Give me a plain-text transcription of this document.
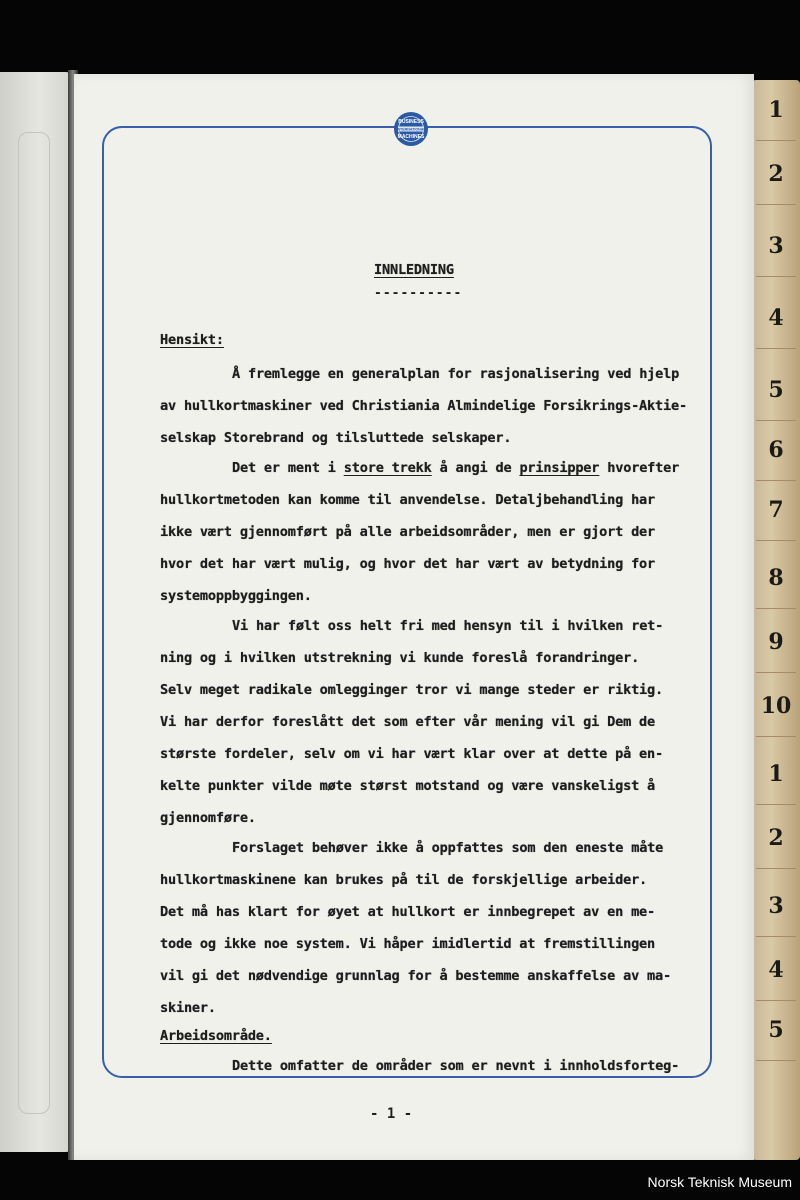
1
2
3
4
5
6
7
8
9
10
1
2
3
4
5
BUSINESS
INTERNATIONAL
MACHINES
INNLEDNING
----------
Hensikt:
Å fremlegge en generalplan for rasjonalisering ved hjelp
av hullkortmaskiner ved Christiania Almindelige Forsikrings-Aktie-
selskap Storebrand og tilsluttede selskaper.
Det er ment i store trekk å angi de prinsipper hvorefter
hullkortmetoden kan komme til anvendelse. Detaljbehandling har
ikke vært gjennomført på alle arbeidsområder, men er gjort der
hvor det har vært mulig, og hvor det har vært av betydning for
systemoppbyggingen.
Vi har følt oss helt fri med hensyn til i hvilken ret-
ning og i hvilken utstrekning vi kunde foreslå forandringer.
Selv meget radikale omlegginger tror vi mange steder er riktig.
Vi har derfor foreslått det som efter vår mening vil gi Dem de
største fordeler, selv om vi har vært klar over at dette på en-
kelte punkter vilde møte størst motstand og være vanskeligst å
gjennomføre.
Forslaget behøver ikke å oppfattes som den eneste måte
hullkortmaskinene kan brukes på til de forskjellige arbeider.
Det må has klart for øyet at hullkort er innbegrepet av en me-
tode og ikke noe system. Vi håper imidlertid at fremstillingen
vil gi det nødvendige grunnlag for å bestemme anskaffelse av ma-
skiner.
Arbeidsområde.
Dette omfatter de områder som er nevnt i innholdsforteg-
- 1 -
Norsk Teknisk Museum
